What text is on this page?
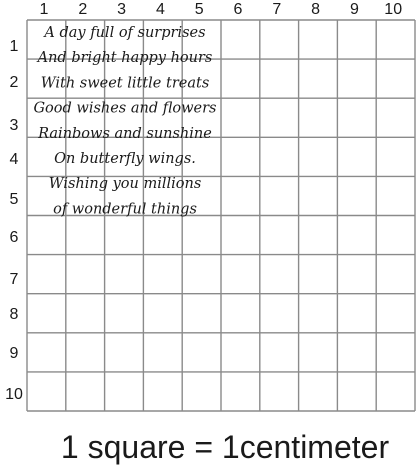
1 2 3 4 5 6 7 8 9 10
1
2
3
4
5
6
7
8
9
10
A day full of surprises
And bright happy hours
With sweet little treats
Good wishes and flowers
Rainbows and sunshine
On butterfly wings.
Wishing you millions
of wonderful things
1 square = 1centimeter
